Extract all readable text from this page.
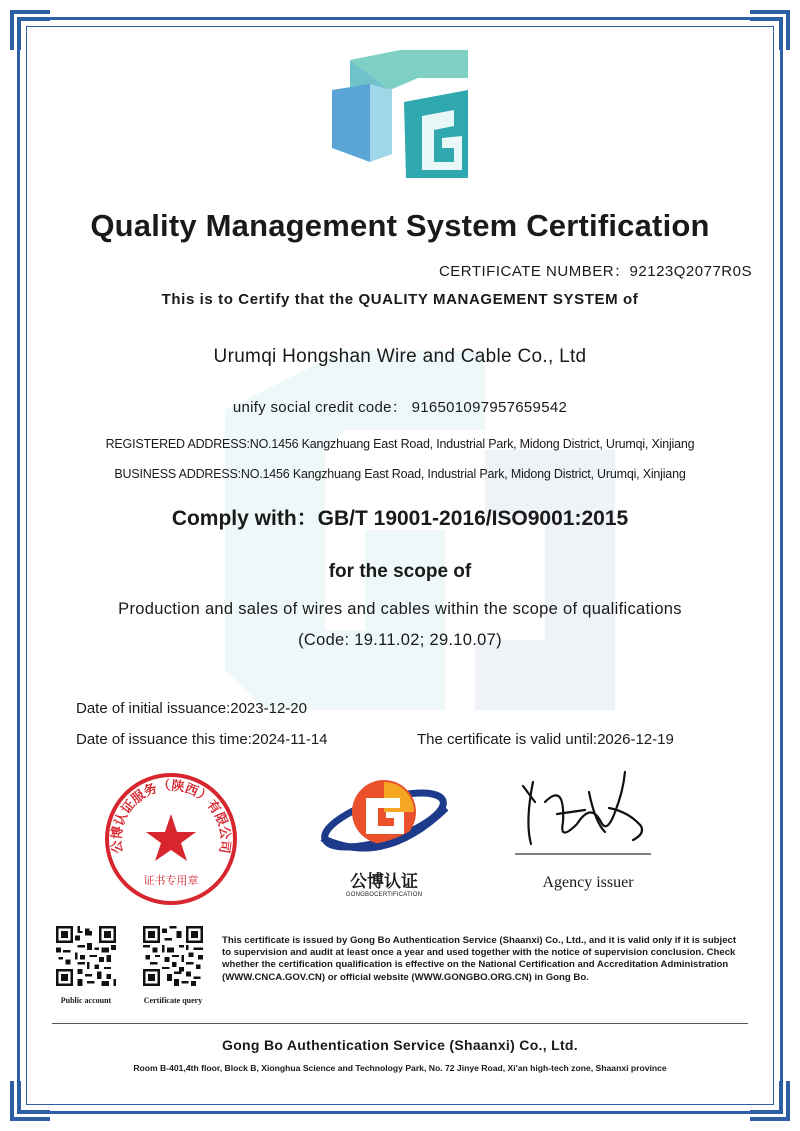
Quality Management System Certification
CERTIFICATE NUMBER：92123Q2077R0S
This is to Certify that the QUALITY MANAGEMENT SYSTEM of
Urumqi Hongshan Wire and Cable Co., Ltd
unify social credit code： 916501097957659542
REGISTERED ADDRESS:NO.1456 Kangzhuang East Road, Industrial Park, Midong District, Urumqi, Xinjiang
BUSINESS ADDRESS:NO.1456 Kangzhuang East Road, Industrial Park, Midong District, Urumqi, Xinjiang
Comply with：GB/T 19001-2016/ISO9001:2015
for the scope of
Production and sales of wires and cables within the scope of qualifications
(Code: 19.11.02; 29.10.07)
Date of initial issuance:2023-12-20
Date of issuance this time:2024-11-14	The certificate is valid until:2026-12-19
公博认证服务（陕西）有限公司
证书专用章	公博认证
GONGBOCERTIFICATION
Agency issuer
Public account	Certificate query
This certificate is issued by Gong Bo Authentication Service (Shaanxi) Co., Ltd., and it is valid only if it is subject to supervision and audit at least once a year and used together with the notice of supervision conclusion. Check whether the certification qualification is effective on the National Certification and Accreditation Administration (WWW.CNCA.GOV.CN) or official website (WWW.GONGBO.ORG.CN) in Gong Bo.
Gong Bo Authentication Service (Shaanxi) Co., Ltd.
Room B-401,4th floor, Block B, Xionghua Science and Technology Park, No. 72 Jinye Road, Xi'an high-tech zone, Shaanxi province
